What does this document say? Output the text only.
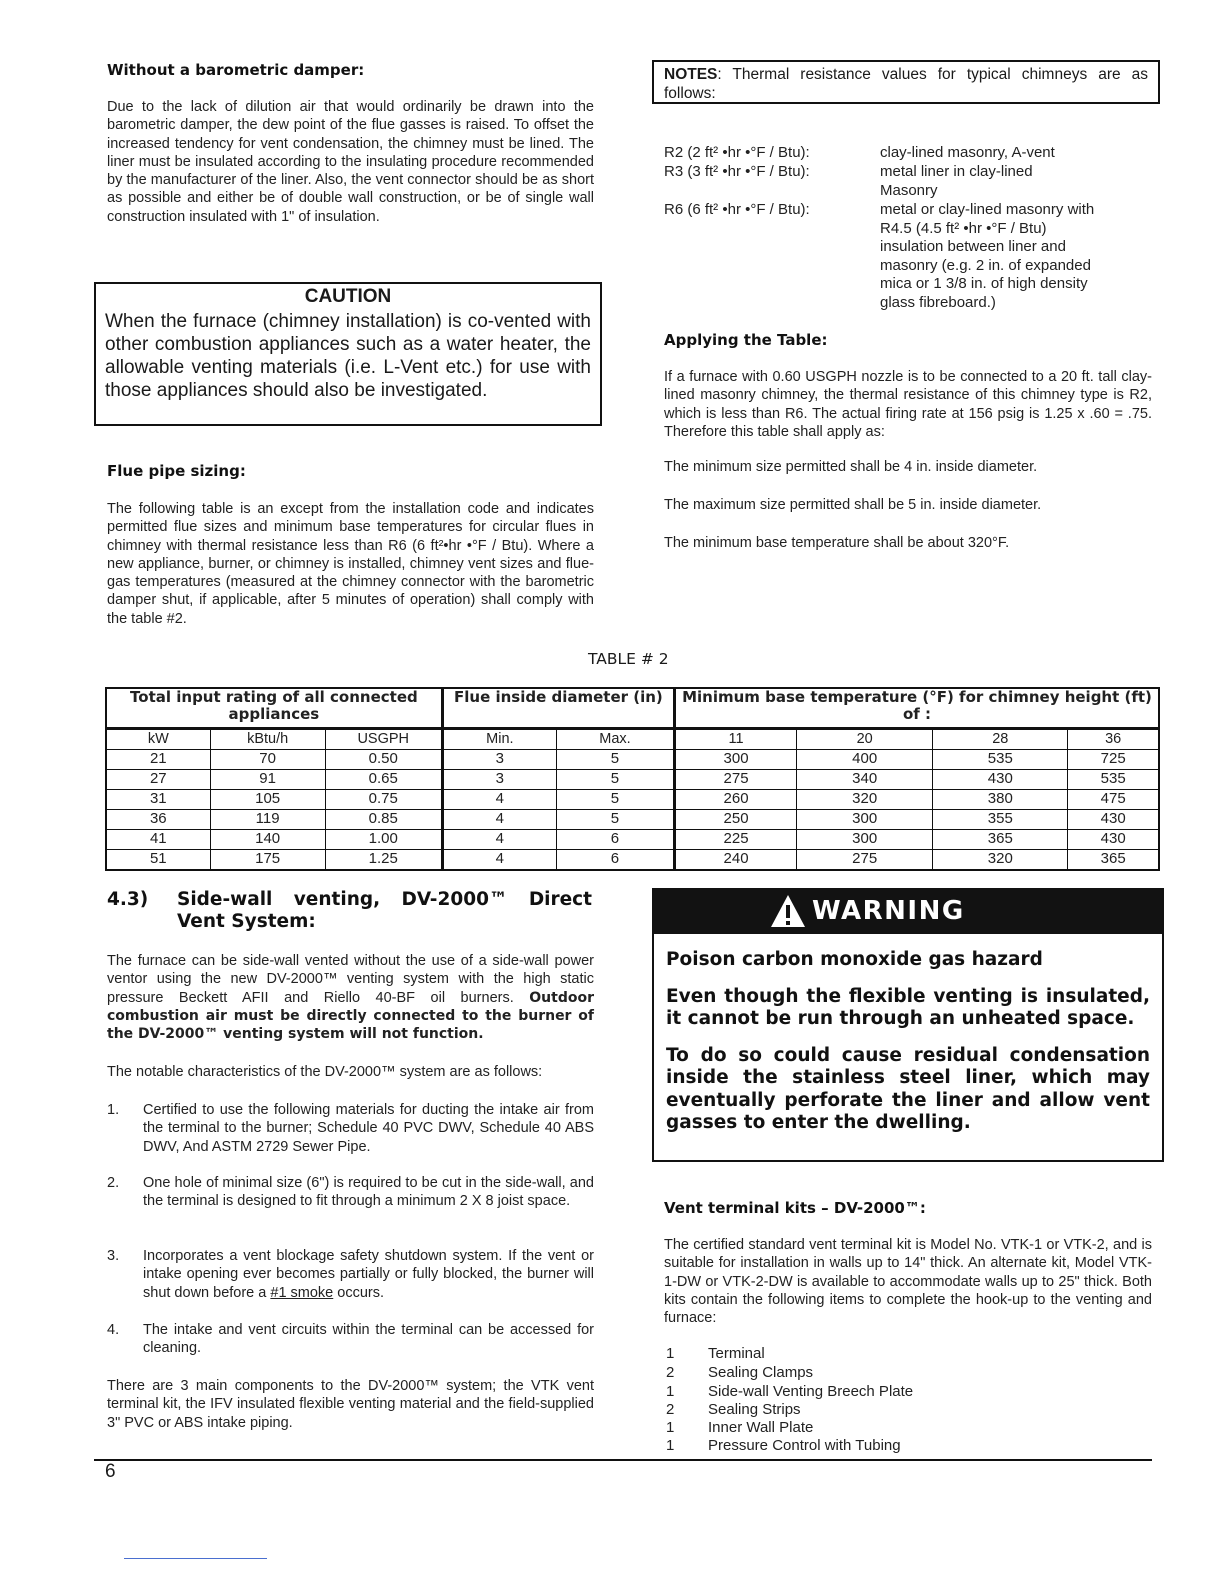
Without a barometric damper:

Due to the lack of dilution air that would ordinarily be drawn into the barometric damper, the dew point of the flue gasses is raised. To offset the increased tendency for vent condensation, the chimney must be lined. The liner must be insulated according to the insulating procedure recommended by the manufacturer of the liner. Also, the vent connector should be as short as possible and either be of double wall construction, or be of single wall construction insulated with 1" of insulation.

CAUTION
When the furnace (chimney installation) is co-vented with other combustion appliances such as a water heater, the allowable venting materials (i.e. L-Vent etc.) for use with those appliances should also be investigated.
Flue pipe sizing:

The following table is an except from the installation code and indicates permitted flue sizes and minimum base temperatures for circular flues in chimney with thermal resistance less than R6 (6 ft²•hr •°F / Btu). Where a new appliance, burner, or chimney is installed, chimney vent sizes and flue-gas temperatures (measured at the chimney connector with the barometric damper shut, if applicable, after 5 minutes of operation) shall comply with the table #2.

NOTES: Thermal resistance values for typical chimneys are as follows:
R2 (2 ft² •hr •°F / Btu):	clay-lined masonry, A-vent
R3 (3 ft² •hr •°F / Btu):	metal liner in clay-lined Masonry
R6 (6 ft² •hr •°F / Btu):	metal or clay-lined masonry with R4.5 (4.5 ft² •hr •°F / Btu) insulation between liner and masonry (e.g. 2 in. of expanded mica or 1 3/8 in. of high density glass fibreboard.)
Applying the Table:

If a furnace with 0.60 USGPH nozzle is to be connected to a 20 ft. tall clay-lined masonry chimney, the thermal resistance of this chimney type is R2, which is less than R6. The actual firing rate at 156 psig is 1.25 x .60 = .75. Therefore this table shall apply as:

The minimum size permitted shall be 4 in. inside diameter.

The maximum size permitted shall be 5 in. inside diameter.

The minimum base temperature shall be about 320°F.

TABLE # 2
Total input rating of all connected appliances			Flue inside diameter (in)		Minimum base temperature (°F) for chimney height (ft) of :			
kW	kBtu/h	USGPH	Min.	Max.	11	20	28	36
21	70	0.50	3	5	300	400	535	725
27	91	0.65	3	5	275	340	430	535
31	105	0.75	4	5	260	320	380	475
36	119	0.85	4	5	250	300	355	430
41	140	1.00	4	6	225	300	365	430
51	175	1.25	4	6	240	275	320	365
4.3) Side-wall venting, DV-2000™ Direct Vent System:

The furnace can be side-wall vented without the use of a side-wall power ventor using the new DV-2000™ venting system with the high static pressure Beckett AFII and Riello 40-BF oil burners. Outdoor combustion air must be directly connected to the burner of the DV-2000™ venting system will not function.

The notable characteristics of the DV-2000™ system are as follows:

1. Certified to use the following materials for ducting the intake air from the terminal to the burner; Schedule 40 PVC DWV, Schedule 40 ABS DWV, And ASTM 2729 Sewer Pipe.
2. One hole of minimal size (6") is required to be cut in the side-wall, and the terminal is designed to fit through a minimum 2 X 8 joist space.
3. Incorporates a vent blockage safety shutdown system. If the vent or intake opening ever becomes partially or fully blocked, the burner will shut down before a #1 smoke occurs.
4. The intake and vent circuits within the terminal can be accessed for cleaning.

There are 3 main components to the DV-2000™ system; the VTK vent terminal kit, the IFV insulated flexible venting material and the field-supplied 3" PVC or ABS intake piping.

WARNING

Poison carbon monoxide gas hazard

Even though the flexible venting is insulated, it cannot be run through an unheated space.

To do so could cause residual condensation inside the stainless steel liner, which may eventually perforate the liner and allow vent gasses to enter the dwelling.

Vent terminal kits – DV-2000™:

The certified standard vent terminal kit is Model No. VTK-1 or VTK-2, and is suitable for installation in walls up to 14" thick. An alternate kit, Model VTK-1-DW or VTK-2-DW is available to accommodate walls up to 25" thick. Both kits contain the following items to complete the hook-up to the venting and furnace:

1 Terminal
2 Sealing Clamps
1 Side-wall Venting Breech Plate
2 Sealing Strips
1 Inner Wall Plate
1 Pressure Control with Tubing
6
